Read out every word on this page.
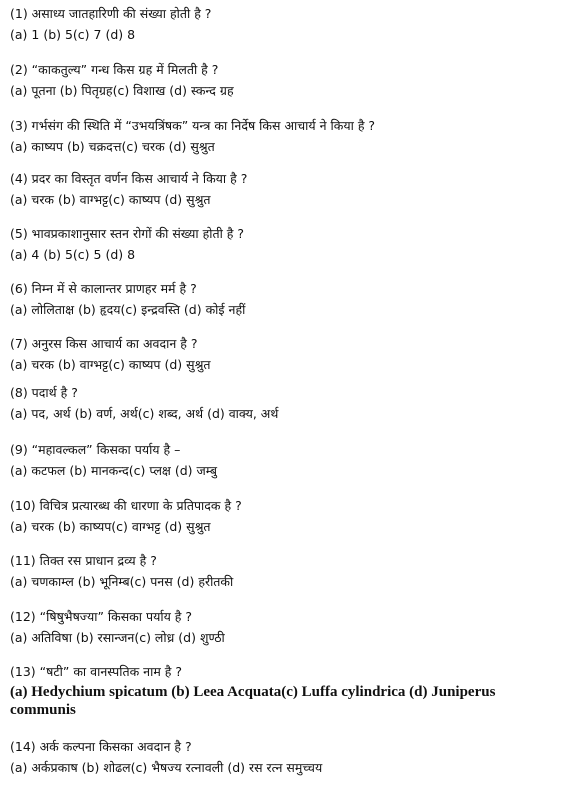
(1) असाध्य जातहारिणी की संख्या होती है ?
(a) 1 (b) 5(c) 7 (d) 8
(2) “काकतुल्य” गन्ध किस ग्रह में मिलती है ?
(a) पूतना (b) पितृग्रह(c) विशाख (d) स्कन्द ग्रह
(3) गर्भसंग की स्थिति में “उभयत्रिंषक” यन्त्र का निर्देष किस आचार्य ने किया है ?
(a) काष्यप (b) चक्रदत्त(c) चरक (d) सुश्रुत
(4) प्रदर का विस्तृत वर्णन किस आचार्य ने किया है ?
(a) चरक (b) वाग्भट्ट(c) काष्यप (d) सुश्रुत
(5) भावप्रकाशानुसार स्तन रोगों की संख्या होती है ?
(a) 4 (b) 5(c) 5 (d) 8
(6) निम्न में से कालान्तर प्राणहर मर्म है ?
(a) लोलिताक्ष (b) हृदय(c) इन्द्रवस्ति (d) कोई नहीं
(7) अनुरस किस आचार्य का अवदान है ?
(a) चरक (b) वाग्भट्ट(c) काष्यप (d) सुश्रुत
(8) पदार्थ है ?
(a) पद, अर्थ (b) वर्ण, अर्थ(c) शब्द, अर्थ (d) वाक्य, अर्थ
(9) “महावल्कल” किसका पर्याय है –
(a) कटफल (b) मानकन्द(c) प्लक्ष (d) जम्बु
(10) विचित्र प्रत्यारब्ध की धारणा के प्रतिपादक है ?
(a) चरक (b) काष्यप(c) वाग्भट्ट (d) सुश्रुत
(11) तिक्त रस प्राधान द्रव्य है ?
(a) चणकाम्ल (b) भूनिम्ब(c) पनस (d) हरीतकी
(12) “षिषुभैषज्या” किसका पर्याय है ?
(a) अतिविषा (b) रसान्जन(c) लोध्र (d) शुण्ठी
(13) “षटी” का वानस्पतिक नाम है ?
(a) Hedychium spicatum (b) Leea Acquata(c) Luffa cylindrica (d) Juniperus communis
(14) अर्क कल्पना किसका अवदान है ?
(a) अर्कप्रकाष (b) शोढल(c) भैषज्य रत्नावली (d) रस रत्न समुच्चय
